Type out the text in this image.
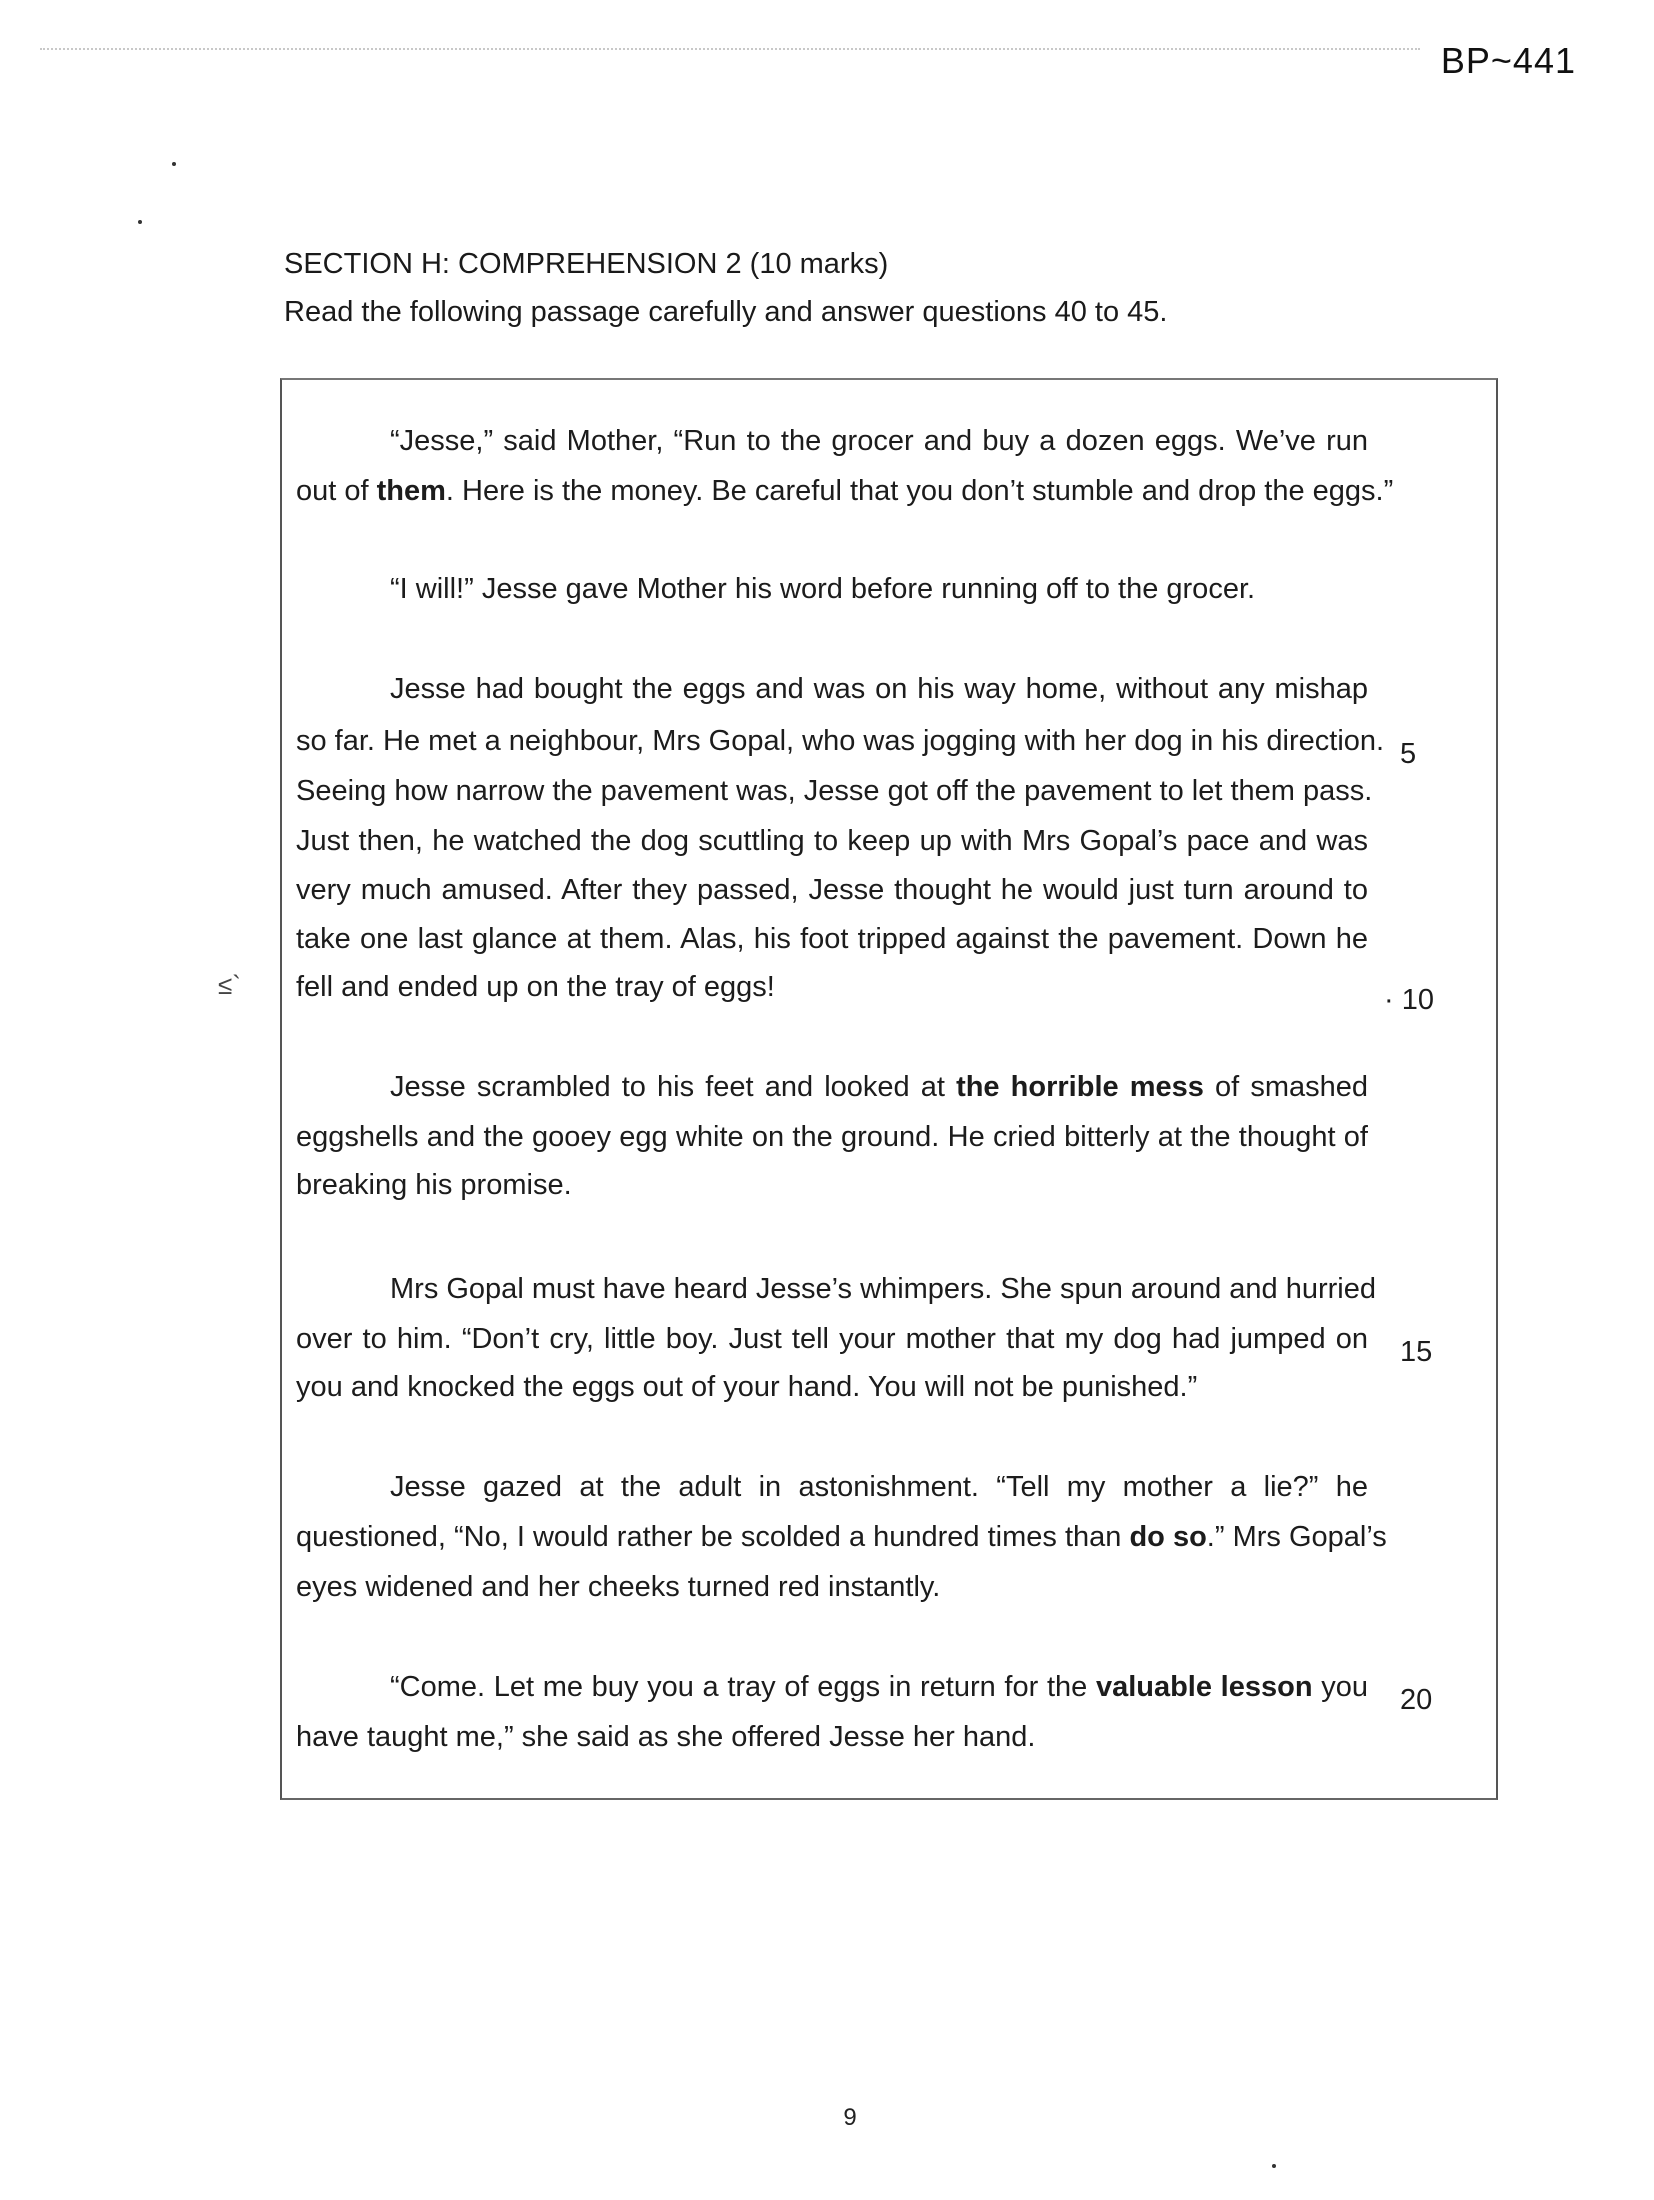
BP~441
SECTION H: COMPREHENSION 2 (10 marks)
Read the following passage carefully and answer questions 40 to 45.
“Jesse,” said Mother, “Run to the grocer and buy a dozen eggs. We’ve run
out of them. Here is the money. Be careful that you don’t stumble and drop the eggs.”
“I will!” Jesse gave Mother his word before running off to the grocer.
Jesse had bought the eggs and was on his way home, without any mishap
so far. He met a neighbour, Mrs Gopal, who was jogging with her dog in his direction.
Seeing how narrow the pavement was, Jesse got off the pavement to let them pass.
Just then, he watched the dog scuttling to keep up with Mrs Gopal’s pace and was
very much amused. After they passed, Jesse thought he would just turn around to
take one last glance at them. Alas, his foot tripped against the pavement. Down he
fell and ended up on the tray of eggs!
Jesse scrambled to his feet and looked at the horrible mess of smashed
eggshells and the gooey egg white on the ground. He cried bitterly at the thought of
breaking his promise.
Mrs Gopal must have heard Jesse’s whimpers. She spun around and hurried
over to him. “Don’t cry, little boy. Just tell your mother that my dog had jumped on
you and knocked the eggs out of your hand. You will not be punished.”
Jesse gazed at the adult in astonishment. “Tell my mother a lie?” he
questioned, “No, I would rather be scolded a hundred times than do so.” Mrs Gopal’s
eyes widened and her cheeks turned red instantly.
“Come. Let me buy you a tray of eggs in return for the valuable lesson you
have taught me,” she said as she offered Jesse her hand.
5
· 10
15
20
≤`
9
